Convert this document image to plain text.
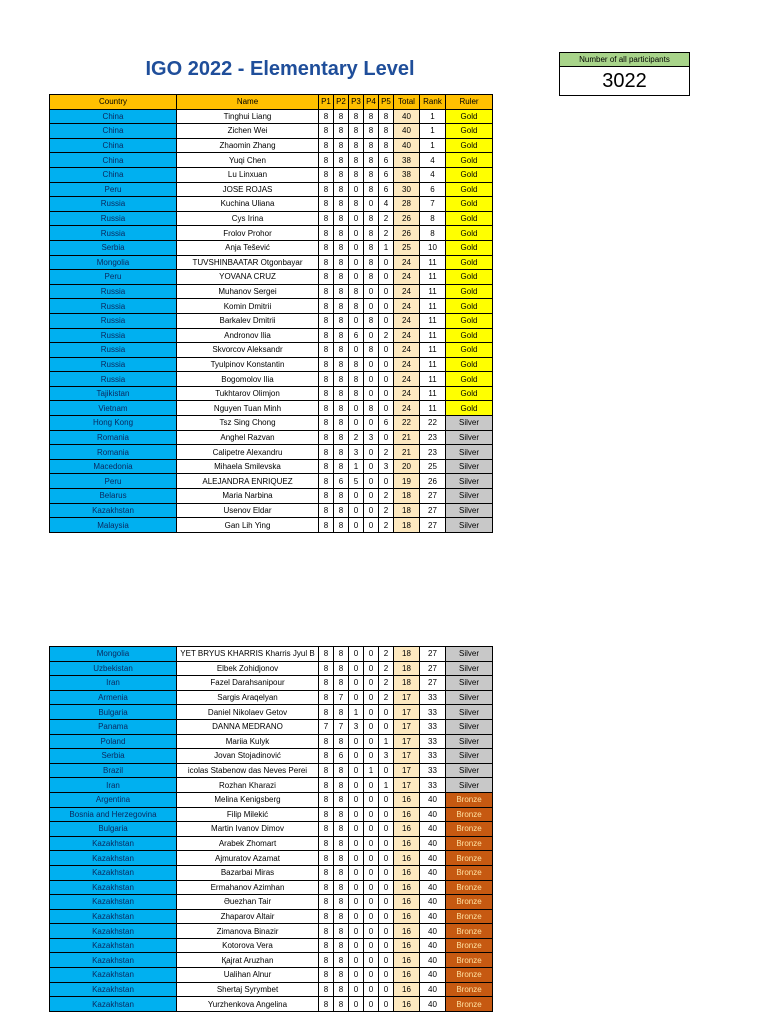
IGO 2022 - Elementary Level	Number of all participants
3022
Country	Name	P1	P2	P3	P4	P5	Total	Rank	Ruler
China	Tinghui Liang	8	8	8	8	8	40	1	Gold
China	Zichen Wei	8	8	8	8	8	40	1	Gold
China	Zhaomin Zhang	8	8	8	8	8	40	1	Gold
China	Yuqi Chen	8	8	8	8	6	38	4	Gold
China	Lu Linxuan	8	8	8	8	6	38	4	Gold
Peru	JOSE ROJAS	8	8	0	8	6	30	6	Gold
Russia	Kuchina Uliana	8	8	8	0	4	28	7	Gold
Russia	Cys Irina	8	8	0	8	2	26	8	Gold
Russia	Frolov Prohor	8	8	0	8	2	26	8	Gold
Serbia	Anja Tešević	8	8	0	8	1	25	10	Gold
Mongolia	TUVSHINBAATAR Otgonbayar	8	8	0	8	0	24	11	Gold
Peru	YOVANA CRUZ	8	8	0	8	0	24	11	Gold
Russia	Muhanov Sergei	8	8	8	0	0	24	11	Gold
Russia	Komin Dmitrii	8	8	8	0	0	24	11	Gold
Russia	Barkalev Dmitrii	8	8	0	8	0	24	11	Gold
Russia	Andronov Ilia	8	8	6	0	2	24	11	Gold
Russia	Skvorcov Aleksandr	8	8	0	8	0	24	11	Gold
Russia	Tyulpinov Konstantin	8	8	8	0	0	24	11	Gold
Russia	Bogomolov Ilia	8	8	8	0	0	24	11	Gold
Tajikistan	Tukhtarov Olimjon	8	8	8	0	0	24	11	Gold
Vietnam	Nguyen Tuan Minh	8	8	0	8	0	24	11	Gold
Hong Kong	Tsz Sing Chong	8	8	0	0	6	22	22	Silver
Romania	Anghel Razvan	8	8	2	3	0	21	23	Silver
Romania	Calipetre Alexandru	8	8	3	0	2	21	23	Silver
Macedonia	Mihaela Smilevska	8	8	1	0	3	20	25	Silver
Peru	ALEJANDRA ENRIQUEZ	8	6	5	0	0	19	26	Silver
Belarus	Maria Narbina	8	8	0	0	2	18	27	Silver
Kazakhstan	Usenov Eldar	8	8	0	0	2	18	27	Silver
Malaysia	Gan Lih Ying	8	8	0	0	2	18	27	Silver
Mongolia	YET BRYUS KHARRIS Kharris Jyul B	8	8	0	0	2	18	27	Silver
Uzbekistan	Elbek Zohidjonov	8	8	0	0	2	18	27	Silver
Iran	Fazel Darahsanipour	8	8	0	0	2	18	27	Silver
Armenia	Sargis Araqelyan	8	7	0	0	2	17	33	Silver
Bulgaria	Daniel Nikolaev Getov	8	8	1	0	0	17	33	Silver
Panama	DANNA MEDRANO	7	7	3	0	0	17	33	Silver
Poland	Mariia Kulyk	8	8	0	0	1	17	33	Silver
Serbia	Jovan Stojadinović	8	6	0	0	3	17	33	Silver
Brazil	icolas Stabenow das Neves Perei	8	8	0	1	0	17	33	Silver
Iran	Rozhan Kharazi	8	8	0	0	1	17	33	Silver
Argentina	Melina Kenigsberg	8	8	0	0	0	16	40	Bronze
Bosnia and Herzegovina	Filip Milekić	8	8	0	0	0	16	40	Bronze
Bulgaria	Martin Ivanov Dimov	8	8	0	0	0	16	40	Bronze
Kazakhstan	Arabek Zhomart	8	8	0	0	0	16	40	Bronze
Kazakhstan	Ajmuratov Azamat	8	8	0	0	0	16	40	Bronze
Kazakhstan	Bazarbai Miras	8	8	0	0	0	16	40	Bronze
Kazakhstan	Ermahanov Azimhan	8	8	0	0	0	16	40	Bronze
Kazakhstan	Əuezhan Tair	8	8	0	0	0	16	40	Bronze
Kazakhstan	Zhaparov Altair	8	8	0	0	0	16	40	Bronze
Kazakhstan	Zimanova Binazir	8	8	0	0	0	16	40	Bronze
Kazakhstan	Kotorova Vera	8	8	0	0	0	16	40	Bronze
Kazakhstan	Қajrat Aruzhan	8	8	0	0	0	16	40	Bronze
Kazakhstan	Ualihan Alnur	8	8	0	0	0	16	40	Bronze
Kazakhstan	Shertaj Syrymbet	8	8	0	0	0	16	40	Bronze
Kazakhstan	Yurzhenkova Angelina	8	8	0	0	0	16	40	Bronze
